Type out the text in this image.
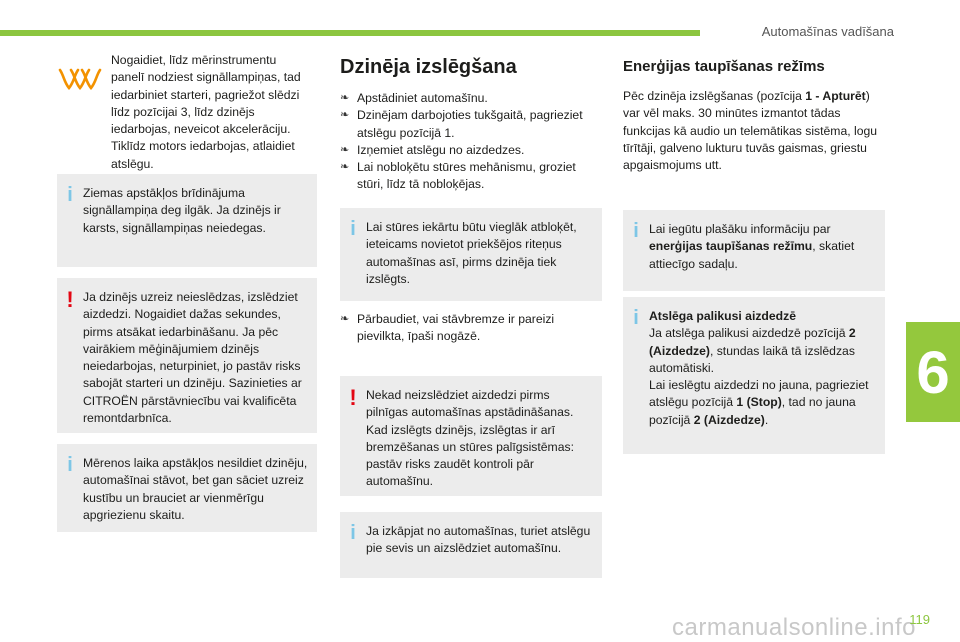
Automašīnas vadīšana
6
carmanualsonline.info
119
Nogaidiet, līdz mērinstrumentu panelī nodziest signāllampiņas, tad iedarbiniet starteri, pagriežot slēdzi līdz pozīcijai 3, līdz dzinējs iedarbojas, neveicot akcelerāciju. Tiklīdz motors iedarbojas, atlaidiet atslēgu.
i Ziemas apstākļos brīdinājuma signāllampiņa deg ilgāk. Ja dzinējs ir karsts, signāllampiņas neiedegas.
! Ja dzinējs uzreiz neieslēdzas, izslēdziet aizdedzi. Nogaidiet dažas sekundes, pirms atsākat iedarbināšanu. Ja pēc vairākiem mēģinājumiem dzinējs neiedarbojas, neturpiniet, jo pastāv risks sabojāt starteri un dzinēju. Sazinieties ar CITROËN pārstāvniecību vai kvalificēta remontdarbnīca.
i Mērenos laika apstākļos nesildiet dzinēju, automašīnai stāvot, bet gan sāciet uzreiz kustību un brauciet ar vienmērīgu apgriezienu skaitu.
Dzinēja izslēgšana
❧ Apstādiniet automašīnu.
❧ Dzinējam darbojoties tukšgaitā, pagrieziet atslēgu pozīcijā 1.
❧ Izņemiet atslēgu no aizdedzes.
❧ Lai nobloķētu stūres mehānismu, groziet stūri, līdz tā nobloķējas.
i Lai stūres iekārtu būtu vieglāk atbloķēt, ieteicams novietot priekšējos riteņus automašīnas asī, pirms dzinēja tiek izslēgts.
❧ Pārbaudiet, vai stāvbremze ir pareizi pievilkta, īpaši nogāzē.
! Nekad neizslēdziet aizdedzi pirms pilnīgas automašīnas apstādināšanas. Kad izslēgts dzinējs, izslēgtas ir arī bremzēšanas un stūres palīgsistēmas: pastāv risks zaudēt kontroli pār automašīnu.
i Ja izkāpjat no automašīnas, turiet atslēgu pie sevis un aizslēdziet automašīnu.
Enerģijas taupīšanas režīms

Pēc dzinēja izslēgšanas (pozīcija 1 - Apturēt) var vēl maks. 30 minūtes izmantot tādas funkcijas kā audio un telemātikas sistēma, logu tīrītāji, galveno lukturu tuvās gaismas, griestu apgaismojums utt.

i Lai iegūtu plašāku informāciju par enerģijas taupīšanas režīmu, skatiet attiecīgo sadaļu.
i Atslēga palikusi aizdedzē
Ja atslēga palikusi aizdedzē pozīcijā 2 (Aizdedze), stundas laikā tā izslēdzas automātiski.
Lai ieslēgtu aizdedzi no jauna, pagrieziet atslēgu pozīcijā 1 (Stop), tad no jauna pozīcijā 2 (Aizdedze).
